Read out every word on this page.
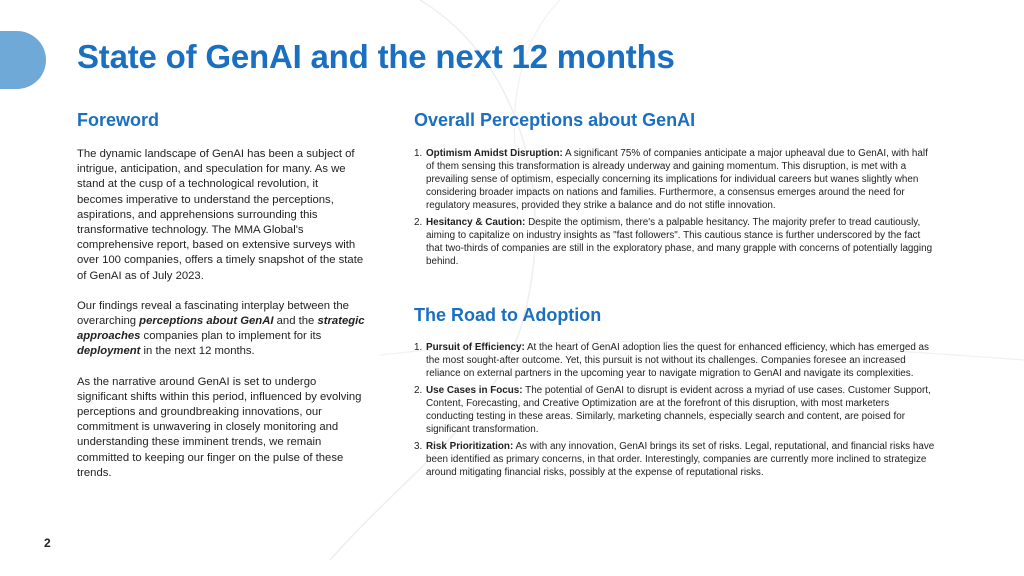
State of GenAI and the next 12 months
Foreword

The dynamic landscape of GenAI has been a subject of intrigue, anticipation, and speculation for many. As we stand at the cusp of a technological revolution, it becomes imperative to understand the perceptions, aspirations, and apprehensions surrounding this transformative technology. The MMA Global's comprehensive report, based on extensive surveys with over 100 companies, offers a timely snapshot of the state of GenAI as of July 2023.

Our findings reveal a fascinating interplay between the overarching perceptions about GenAI and the strategic approaches companies plan to implement for its deployment in the next 12 months.

As the narrative around GenAI is set to undergo significant shifts within this period, influenced by evolving perceptions and groundbreaking innovations, our commitment is unwavering in closely monitoring and understanding these imminent trends, we remain committed to keeping our finger on the pulse of these trends.

Overall Perceptions about GenAI
1. Optimism Amidst Disruption: A significant 75% of companies anticipate a major upheaval due to GenAI, with half of them sensing this transformation is already underway and gaining momentum. This disruption, is met with a prevailing sense of optimism, especially concerning its implications for individual careers but wanes slightly when considering broader impacts on nations and families. Furthermore, a consensus emerges around the need for regulatory measures, provided they strike a balance and do not stifle innovation.
2. Hesitancy & Caution: Despite the optimism, there's a palpable hesitancy. The majority prefer to tread cautiously, aiming to capitalize on industry insights as "fast followers". This cautious stance is further underscored by the fact that two-thirds of companies are still in the exploratory phase, and many grapple with concerns of potentially lagging behind.
The Road to Adoption
1. Pursuit of Efficiency: At the heart of GenAI adoption lies the quest for enhanced efficiency, which has emerged as the most sought-after outcome. Yet, this pursuit is not without its challenges. Companies foresee an increased reliance on external partners in the upcoming year to navigate migration to GenAI and navigate its complexities.
2. Use Cases in Focus: The potential of GenAI to disrupt is evident across a myriad of use cases. Customer Support, Content, Forecasting, and Creative Optimization are at the forefront of this disruption, with most marketers conducting testing in these areas. Similarly, marketing channels, especially search and content, are poised for significant transformation.
3. Risk Prioritization: As with any innovation, GenAI brings its set of risks. Legal, reputational, and financial risks have been identified as primary concerns, in that order. Interestingly, companies are currently more inclined to strategize around mitigating financial risks, possibly at the expense of reputational risks.
2
